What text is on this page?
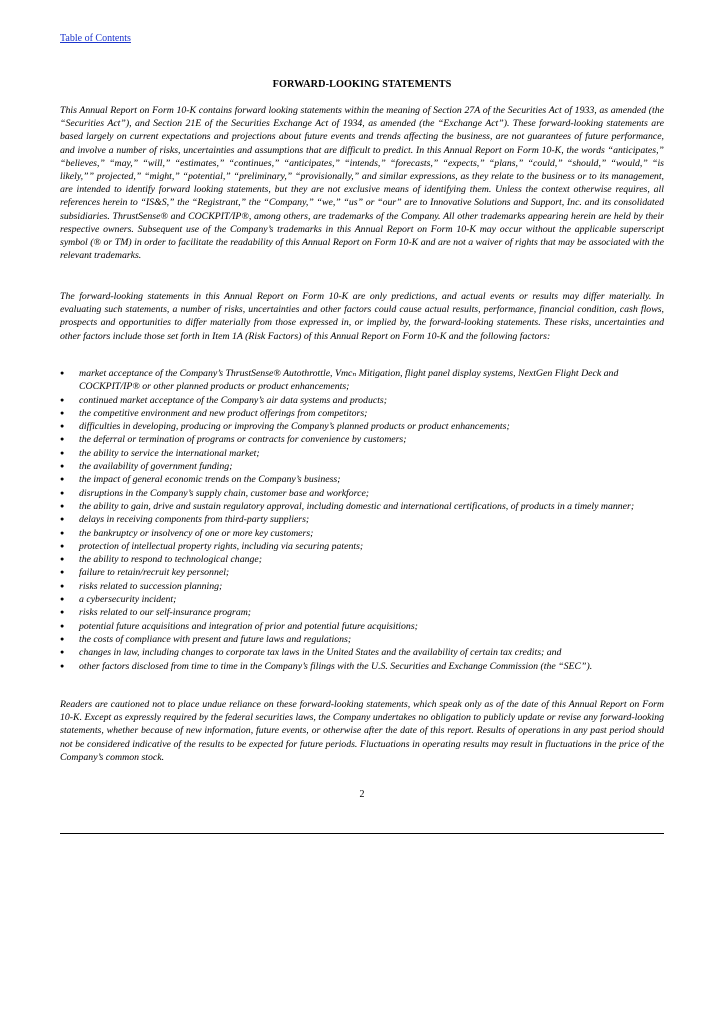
Table of Contents
FORWARD-LOOKING STATEMENTS
This Annual Report on Form 10-K contains forward looking statements within the meaning of Section 27A of the Securities Act of 1933, as amended (the “Securities Act”), and Section 21E of the Securities Exchange Act of 1934, as amended (the “Exchange Act”). These forward-looking statements are based largely on current expectations and projections about future events and trends affecting the business, are not guarantees of future performance, and involve a number of risks, uncertainties and assumptions that are difficult to predict. In this Annual Report on Form 10-K, the words “anticipates,” “believes,” “may,” “will,” “estimates,” “continues,” “anticipates,” “intends,” “forecasts,” “expects,” “plans,” “could,” “should,” “would,” “is likely,”” projected,” “might,” “potential,” “preliminary,” “provisionally,” and similar expressions, as they relate to the business or to its management, are intended to identify forward looking statements, but they are not exclusive means of identifying them. Unless the context otherwise requires, all references herein to “IS&S,” the “Registrant,” the “Company,” “we,” “us” or “our” are to Innovative Solutions and Support, Inc. and its consolidated subsidiaries. ThrustSense® and COCKPIT/IP®, among others, are trademarks of the Company. All other trademarks appearing herein are held by their respective owners. Subsequent use of the Company’s trademarks in this Annual Report on Form 10-K may occur without the applicable superscript symbol (® or TM) in order to facilitate the readability of this Annual Report on Form 10-K and are not a waiver of rights that may be associated with the relevant trademarks.
The forward-looking statements in this Annual Report on Form 10-K are only predictions, and actual events or results may differ materially. In evaluating such statements, a number of risks, uncertainties and other factors could cause actual results, performance, financial condition, cash flows, prospects and opportunities to differ materially from those expressed in, or implied by, the forward-looking statements. These risks, uncertainties and other factors include those set forth in Item 1A (Risk Factors) of this Annual Report on Form 10-K and the following factors:
● market acceptance of the Company’s ThrustSense® Autothrottle, Vmcₙ Mitigation, flight panel display systems, NextGen Flight Deck and COCKPIT/IP® or other planned products or product enhancements;
● continued market acceptance of the Company’s air data systems and products;
● the competitive environment and new product offerings from competitors;
● difficulties in developing, producing or improving the Company’s planned products or product enhancements;
● the deferral or termination of programs or contracts for convenience by customers;
● the ability to service the international market;
● the availability of government funding;
● the impact of general economic trends on the Company’s business;
● disruptions in the Company’s supply chain, customer base and workforce;
● the ability to gain, drive and sustain regulatory approval, including domestic and international certifications, of products in a timely manner;
● delays in receiving components from third-party suppliers;
● the bankruptcy or insolvency of one or more key customers;
● protection of intellectual property rights, including via securing patents;
● the ability to respond to technological change;
● failure to retain/recruit key personnel;
● risks related to succession planning;
● a cybersecurity incident;
● risks related to our self-insurance program;
● potential future acquisitions and integration of prior and potential future acquisitions;
● the costs of compliance with present and future laws and regulations;
● changes in law, including changes to corporate tax laws in the United States and the availability of certain tax credits; and
● other factors disclosed from time to time in the Company’s filings with the U.S. Securities and Exchange Commission (the “SEC”).
Readers are cautioned not to place undue reliance on these forward-looking statements, which speak only as of the date of this Annual Report on Form 10-K. Except as expressly required by the federal securities laws, the Company undertakes no obligation to publicly update or revise any forward-looking statements, whether because of new information, future events, or otherwise after the date of this report. Results of operations in any past period should not be considered indicative of the results to be expected for future periods. Fluctuations in operating results may result in fluctuations in the price of the Company’s common stock.
2
